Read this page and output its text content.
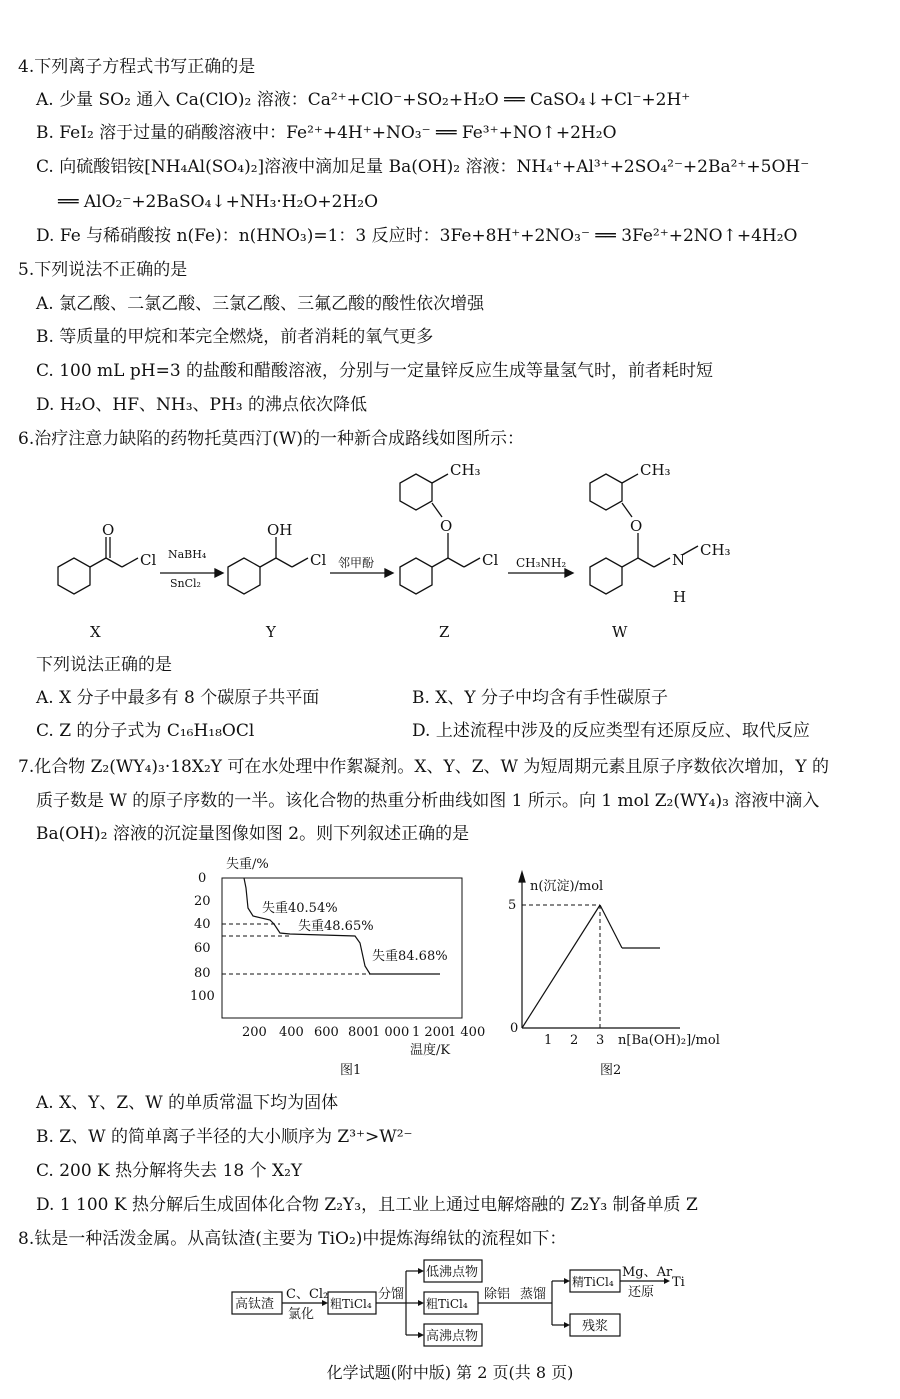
4.下列离子方程式书写正确的是
A. 少量 SO₂ 通入 Ca(ClO)₂ 溶液：Ca²⁺+ClO⁻+SO₂+H₂O ══ CaSO₄↓+Cl⁻+2H⁺
B. FeI₂ 溶于过量的硝酸溶液中：Fe²⁺+4H⁺+NO₃⁻ ══ Fe³⁺+NO↑+2H₂O
C. 向硫酸铝铵[NH₄Al(SO₄)₂]溶液中滴加足量 Ba(OH)₂ 溶液：NH₄⁺+Al³⁺+2SO₄²⁻+2Ba²⁺+5OH⁻
══ AlO₂⁻+2BaSO₄↓+NH₃·H₂O+2H₂O
D. Fe 与稀硝酸按 n(Fe)：n(HNO₃)=1：3 反应时：3Fe+8H⁺+2NO₃⁻ ══ 3Fe²⁺+2NO↑+4H₂O
5.下列说法不正确的是
A. 氯乙酸、二氯乙酸、三氯乙酸、三氟乙酸的酸性依次增强
B. 等质量的甲烷和苯完全燃烧，前者消耗的氧气更多
C. 100 mL pH=3 的盐酸和醋酸溶液，分别与一定量锌反应生成等量氢气时，前者耗时短
D. H₂O、HF、NH₃、PH₃ 的沸点依次降低
6.治疗注意力缺陷的药物托莫西汀(W)的一种新合成路线如图所示：
O
Cl NaBH₄
SnCl₂
OH
Cl 邻甲酚
O
CH₃
Cl CH₃NH₂
O
CH₃
N
H
CH₃
X	Y	Z	W
下列说法正确的是
A. X 分子中最多有 8 个碳原子共平面	B. X、Y 分子中均含有手性碳原子
C. Z 的分子式为 C₁₆H₁₈OCl	D. 上述流程中涉及的反应类型有还原反应、取代反应
7.化合物 Z₂(WY₄)₃·18X₂Y 可在水处理中作絮凝剂。X、Y、Z、W 为短周期元素且原子序数依次增加，Y 的
质子数是 W 的原子序数的一半。该化合物的热重分析曲线如图 1 所示。向 1 mol Z₂(WY₄)₃ 溶液中滴入
Ba(OH)₂ 溶液的沉淀量图像如图 2。则下列叙述正确的是
失重/%
0
20
40
60
80
100
失重40.54%
失重48.65%
失重84.68%
200 400 600 800 1 000 1 200
1 400
温度/K
图1
n(沉淀)/mol
5
0
1 2 3 n[Ba(OH)₂]/mol
图2
A. X、Y、Z、W 的单质常温下均为固体
B. Z、W 的简单离子半径的大小顺序为 Z³⁺>W²⁻
C. 200 K 热分解将失去 18 个 X₂Y
D. 1 100 K 热分解后生成固体化合物 Z₂Y₃，且工业上通过电解熔融的 Z₂Y₃ 制备单质 Z
8.钛是一种活泼金属。从高钛渣(主要为 TiO₂)中提炼海绵钛的流程如下：
高钛渣
C、Cl₂
氯化
粗TiCl₄
分馏
低沸点物
粗TiCl₄
高沸点物
除铝 蒸馏
精TiCl₄
残浆
Mg、Ar
还原
Ti
化学试题(附中版) 第 2 页(共 8 页)
